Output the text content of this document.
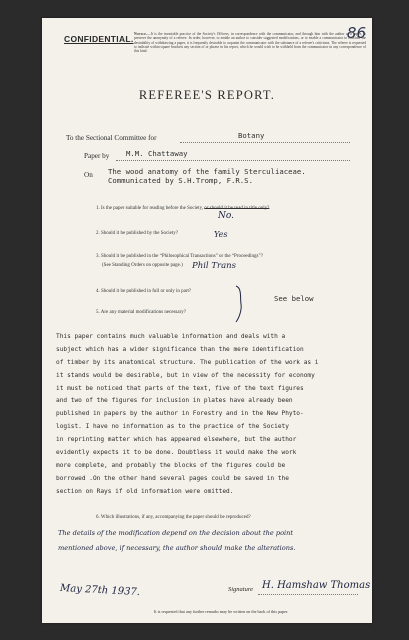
86
CONFIDENTIAL. Notice.—It is the invariable practice of the Society's Officers, in correspondence with the communicator, and through him with the author of a paper, to preserve the anonymity of a referee. In order, however, to enable an author to consider suggested modifications, or to enable a communicator to consider the desirability of withdrawing a paper, it is frequently desirable to acquaint the communicator with the substance of a referee's criticisms. The referee is requested to indicate within square brackets any section of or phrase in his report, which he would wish to be withheld from the communicator in any correspondence of this kind.
REFEREE'S REPORT.
To the Sectional Committee for	Botany
Paper by M.M. Chattaway
On The wood anatomy of the family Sterculiaceae.
Communicated by S.H.Tromp, F.R.S.
1. Is the paper suitable for reading before the Society, or should it be read in title only?
No.
2. Should it be published by the Society?	Yes
3. Should it be published in the “Philosophical Transactions” or the “Proceedings”?
(See Standing Orders on opposite page.) Phil Trans
4. Should it be published in full or only in part?
5. Are any material modifications necessary?
See below
This paper contains much valuable information and deals with a
subject which has a wider significance than the mere identification
of timber by its anatomical structure. The publication of the work as i
it stands would be desirable, but in view of the necessity for economy
it must be noticed that parts of the text, five of the text figures
and two of the figures for inclusion in plates have already been
published in papers by the author in Forestry and in the New Phyto-
logist. I have no information as to the practice of the Society
in reprinting matter which has appeared elsewhere, but the author
evidently expects it to be done. Doubtless it would make the work
more complete, and probably the blocks of the figures could be
borrowed .On the other hand several pages could be saved in the
section on Rays if old information were omitted.
6. Which illustrations, if any, accompanying the paper should be reproduced?
The details of the modification depend on the decision about the point
mentioned above, if necessary, the author should make the alterations.
May 27th 1937.	Signature H. Hamshaw Thomas
It is requested that any further remarks may be written on the back of this paper.
